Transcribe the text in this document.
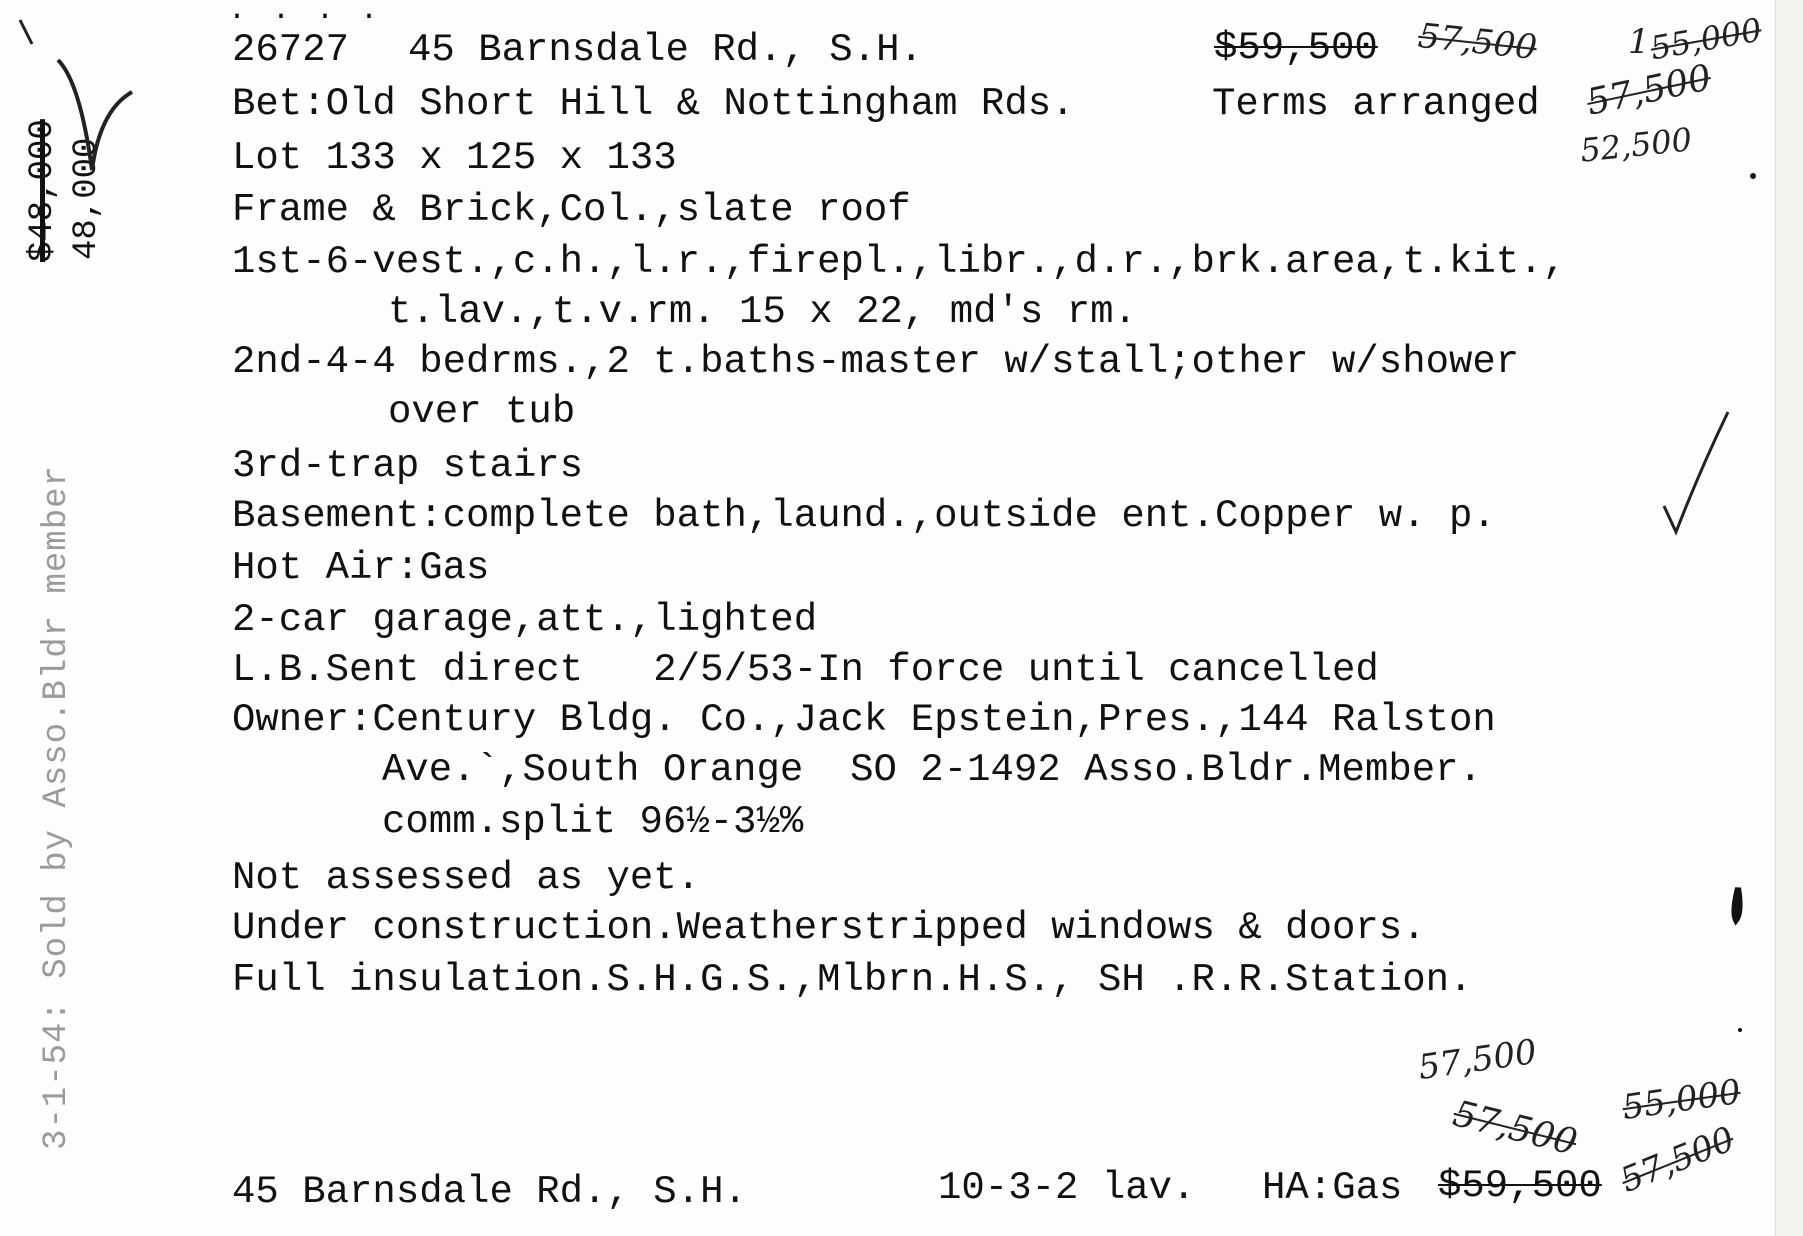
. . . .
3-1-54: Sold by Asso.Bldr member
$48,000 48,000
26727 45 Barnsdale Rd., S.H.	$59,500
Bet:Old Short Hill & Nottingham Rds.	Terms arranged
Lot 133 x 125 x 133
Frame & Brick,Col.,slate roof
1st-6-vest.,c.h.,l.r.,firepl.,libr.,d.r.,brk.area,t.kit.,
t.lav.,t.v.rm. 15 x 22, md's rm.
2nd-4-4 bedrms.,2 t.baths-master w/stall;other w/shower
over tub
3rd-trap stairs
Basement:complete bath,laund.,outside ent.Copper w. p.
Hot Air:Gas
2-car garage,att.,lighted
L.B.Sent direct   2/5/53-In force until cancelled
Owner:Century Bldg. Co.,Jack Epstein,Pres.,144 Ralston
Ave.`,South Orange  SO 2-1492 Asso.Bldr.Member.
comm.split 96½-3½%
Not assessed as yet.
Under construction.Weatherstripped windows & doors.
Full insulation.S.H.G.S.,Mlbrn.H.S., SH .R.R.Station.
45 Barnsdale Rd., S.H.	10-3-2 lav. HA:Gas $59,500
57,500	1
55,000
57,500
52,500
57,500
55,000
57,500 57,500
